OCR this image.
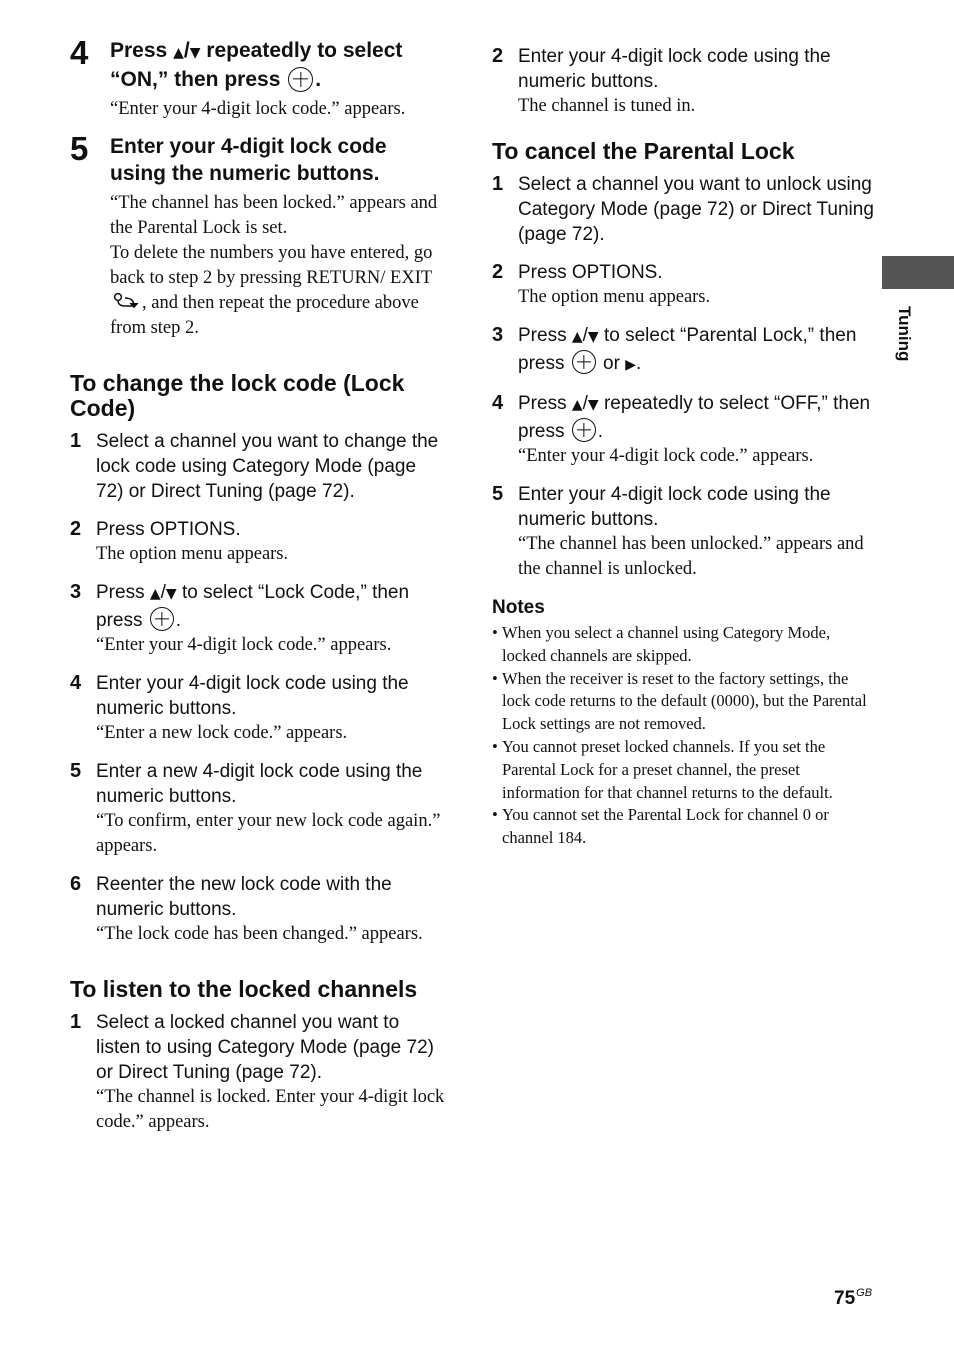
4 Press ▲/▼ repeatedly to select “ON,” then press .
“Enter your 4-digit lock code.” appears.
5 Enter your 4-digit lock code using the numeric buttons.
“The channel has been locked.” appears and the Parental Lock is set.
To delete the numbers you have entered, go back to step 2 by pressing RETURN/ EXIT , and then repeat the procedure above from step 2.
To change the lock code (Lock Code)
1 Select a channel you want to change the lock code using Category Mode (page 72) or Direct Tuning (page 72).
2 Press OPTIONS.
The option menu appears.
3 Press ▲/▼ to select “Lock Code,” then press .
“Enter your 4-digit lock code.” appears.
4 Enter your 4-digit lock code using the numeric buttons.
“Enter a new lock code.” appears.
5 Enter a new 4-digit lock code using the numeric buttons.
“To confirm, enter your new lock code again.” appears.
6 Reenter the new lock code with the numeric buttons.
“The lock code has been changed.” appears.
To listen to the locked channels
1 Select a locked channel you want to listen to using Category Mode (page 72) or Direct Tuning (page 72).
“The channel is locked. Enter your 4-digit lock code.” appears.
2 Enter your 4-digit lock code using the numeric buttons.
The channel is tuned in.
To cancel the Parental Lock
1 Select a channel you want to unlock using Category Mode (page 72) or Direct Tuning (page 72).
2 Press OPTIONS.
The option menu appears.
3 Press ▲/▼ to select “Parental Lock,” then press  or ▶.
4 Press ▲/▼ repeatedly to select “OFF,” then press .
“Enter your 4-digit lock code.” appears.
5 Enter your 4-digit lock code using the numeric buttons.
“The channel has been unlocked.” appears and the channel is unlocked.
Notes
• When you select a channel using Category Mode, locked channels are skipped.
• When the receiver is reset to the factory settings, the lock code returns to the default (0000), but the Parental Lock settings are not removed.
• You cannot preset locked channels. If you set the Parental Lock for a preset channel, the preset information for that channel returns to the default.
• You cannot set the Parental Lock for channel 0 or channel 184.
Tuning
$75^{GB}$
